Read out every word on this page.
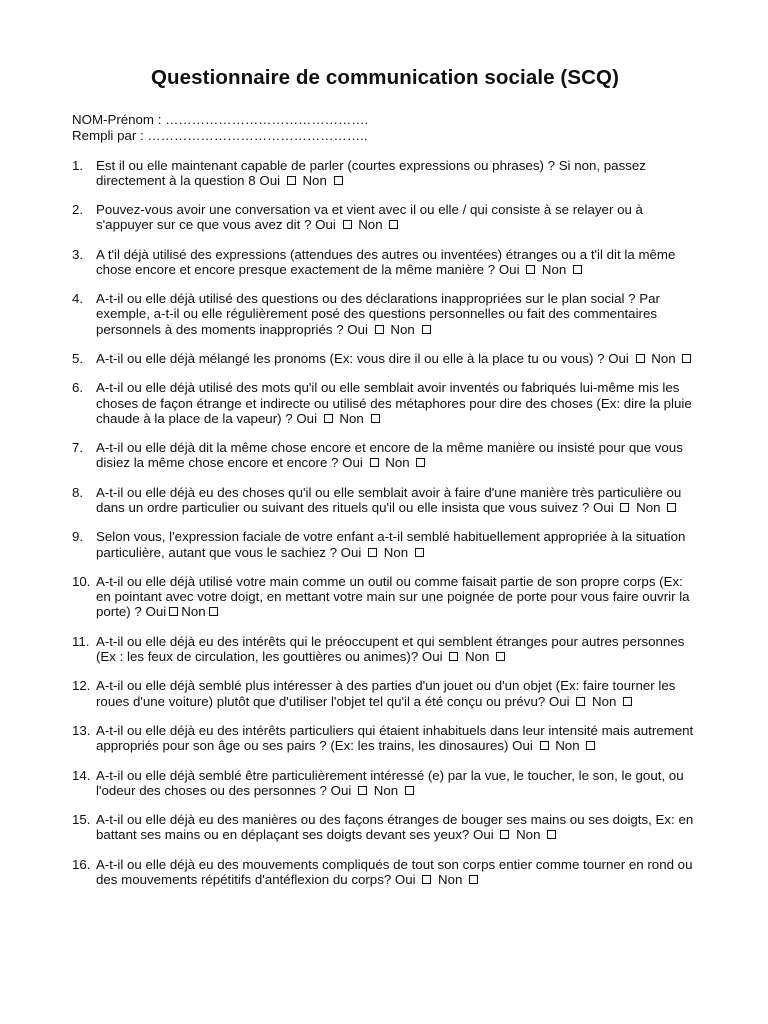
Questionnaire de communication sociale (SCQ)
NOM-Prénom : ……………………………………….
Rempli par : …………………………………………..
1. Est il ou elle maintenant capable de parler (courtes expressions ou phrases) ? Si non, passez directement à la question 8 Oui  Non
2. Pouvez-vous avoir une conversation va et vient avec il ou elle / qui consiste à se relayer ou à s'appuyer sur ce que vous avez dit ? Oui  Non
3. A t'il déjà utilisé des expressions (attendues des autres ou inventées) étranges ou a t'il dit la même chose encore et encore presque exactement de la même manière ? Oui  Non
4. A-t-il ou elle déjà utilisé des questions ou des déclarations inappropriées sur le plan social ? Par exemple, a-t-il ou elle régulièrement posé des questions personnelles ou fait des commentaires personnels à des moments inappropriés ? Oui  Non
5. A-t-il ou elle déjà mélangé les pronoms (Ex: vous dire il ou elle à la place tu ou vous) ? Oui  Non
6. A-t-il ou elle déjà utilisé des mots qu'il ou elle semblait avoir inventés ou fabriqués lui-même mis les choses de façon étrange et indirecte ou utilisé des métaphores pour dire des choses (Ex: dire la pluie chaude à la place de la vapeur) ? Oui  Non
7. A-t-il ou elle déjà dit la même chose encore et encore de la même manière ou insisté pour que vous disiez la même chose encore et encore ? Oui  Non
8. A-t-il ou elle déjà eu des choses qu'il ou elle semblait avoir à faire d'une manière très particulière ou dans un ordre particulier ou suivant des rituels qu'il ou elle insista que vous suivez ? Oui  Non
9. Selon vous, l'expression faciale de votre enfant a-t-il semblé habituellement appropriée à la situation particulière, autant que vous le sachiez ? Oui  Non
10. A-t-il ou elle déjà utilisé votre main comme un outil ou comme faisait partie de son propre corps (Ex: en pointant avec votre doigt, en mettant votre main sur une poignée de porte pour vous faire ouvrir la porte) ? Oui Non
11. A-t-il ou elle déjà eu des intérêts qui le préoccupent et qui semblent étranges pour autres personnes (Ex : les feux de circulation, les gouttières ou animes)? Oui  Non
12. A-t-il ou elle déjà semblé plus intéresser à des parties d'un jouet ou d'un objet (Ex: faire tourner les roues d'une voiture) plutôt que d'utiliser l'objet tel qu'il a été conçu ou prévu? Oui  Non
13. A-t-il ou elle déjà eu des intérêts particuliers qui étaient inhabituels dans leur intensité mais autrement appropriés pour son âge ou ses pairs ? (Ex: les trains, les dinosaures) Oui  Non
14. A-t-il ou elle déjà semblé être particulièrement intéressé (e) par la vue, le toucher, le son, le gout, ou l'odeur des choses ou des personnes ? Oui  Non
15. A-t-il ou elle déjà eu des manières ou des façons étranges de bouger ses mains ou ses doigts, Ex: en battant ses mains ou en déplaçant ses doigts devant ses yeux? Oui  Non
16. A-t-il ou elle déjà eu des mouvements compliqués de tout son corps entier comme tourner en rond ou des mouvements répétitifs d'antéflexion du corps? Oui  Non
